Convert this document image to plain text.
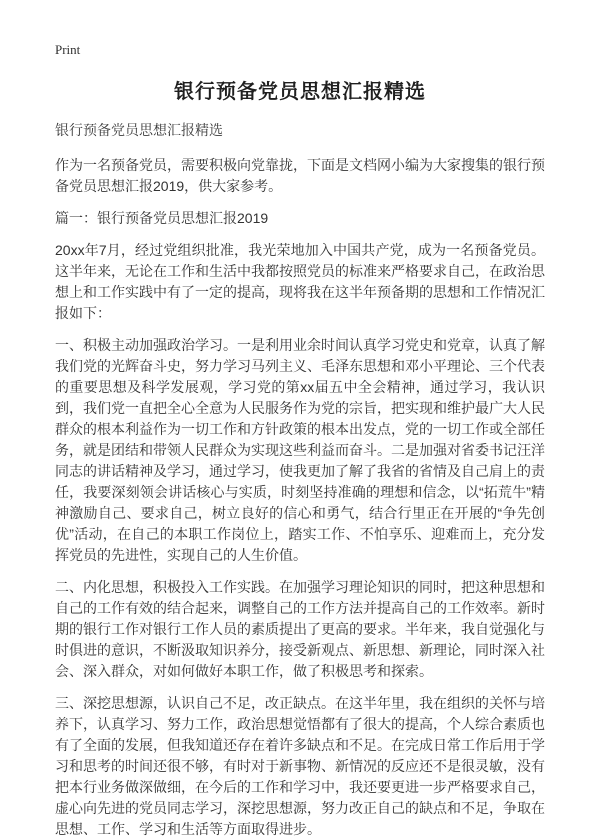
Print
银行预备党员思想汇报精选
银行预备党员思想汇报精选

作为一名预备党员，需要积极向党靠拢，下面是文档网小编为大家搜集的银行预备党员思想汇报2019，供大家参考。

篇一：银行预备党员思想汇报2019

20xx年7月，经过党组织批准，我光荣地加入中国共产党，成为一名预备党员。这半年来，无论在工作和生活中我都按照党员的标准来严格要求自己，在政治思想上和工作实践中有了一定的提高，现将我在这半年预备期的思想和工作情况汇报如下：

一、积极主动加强政治学习。一是利用业余时间认真学习党史和党章，认真了解我们党的光辉奋斗史，努力学习马列主义、毛泽东思想和邓小平理论、三个代表的重要思想及科学发展观，学习党的第xx届五中全会精神，通过学习，我认识到，我们党一直把全心全意为人民服务作为党的宗旨，把实现和维护最广大人民群众的根本利益作为一切工作和方针政策的根本出发点，党的一切工作或全部任务，就是团结和带领人民群众为实现这些利益而奋斗。二是加强对省委书记汪洋同志的讲话精神及学习，通过学习，使我更加了解了我省的省情及自己肩上的责任，我要深刻领会讲话核心与实质，时刻坚持准确的理想和信念，以“拓荒牛”精神激励自己、要求自己，树立良好的信心和勇气，结合行里正在开展的“争先创优”活动，在自己的本职工作岗位上，踏实工作、不怕享乐、迎难而上，充分发挥党员的先进性，实现自己的人生价值。

二、内化思想，积极投入工作实践。在加强学习理论知识的同时，把这种思想和自己的工作有效的结合起来，调整自己的工作方法并提高自己的工作效率。新时期的银行工作对银行工作人员的素质提出了更高的要求。半年来，我自觉强化与时俱进的意识，不断汲取知识养分，接受新观点、新思想、新理论，同时深入社会、深入群众，对如何做好本职工作，做了积极思考和探索。

三、深挖思想源，认识自己不足，改正缺点。在这半年里，我在组织的关怀与培养下，认真学习、努力工作，政治思想觉悟都有了很大的提高，个人综合素质也有了全面的发展，但我知道还存在着许多缺点和不足。在完成日常工作后用于学习和思考的时间还很不够，有时对于新事物、新情况的反应还不是很灵敏，没有把本行业务做深做细，在今后的工作和学习中，我还要更进一步严格要求自己，虚心向先进的党员同志学习，深挖思想源，努力改正自己的缺点和不足，争取在思想、工作、学习和生活等方面取得进步。
